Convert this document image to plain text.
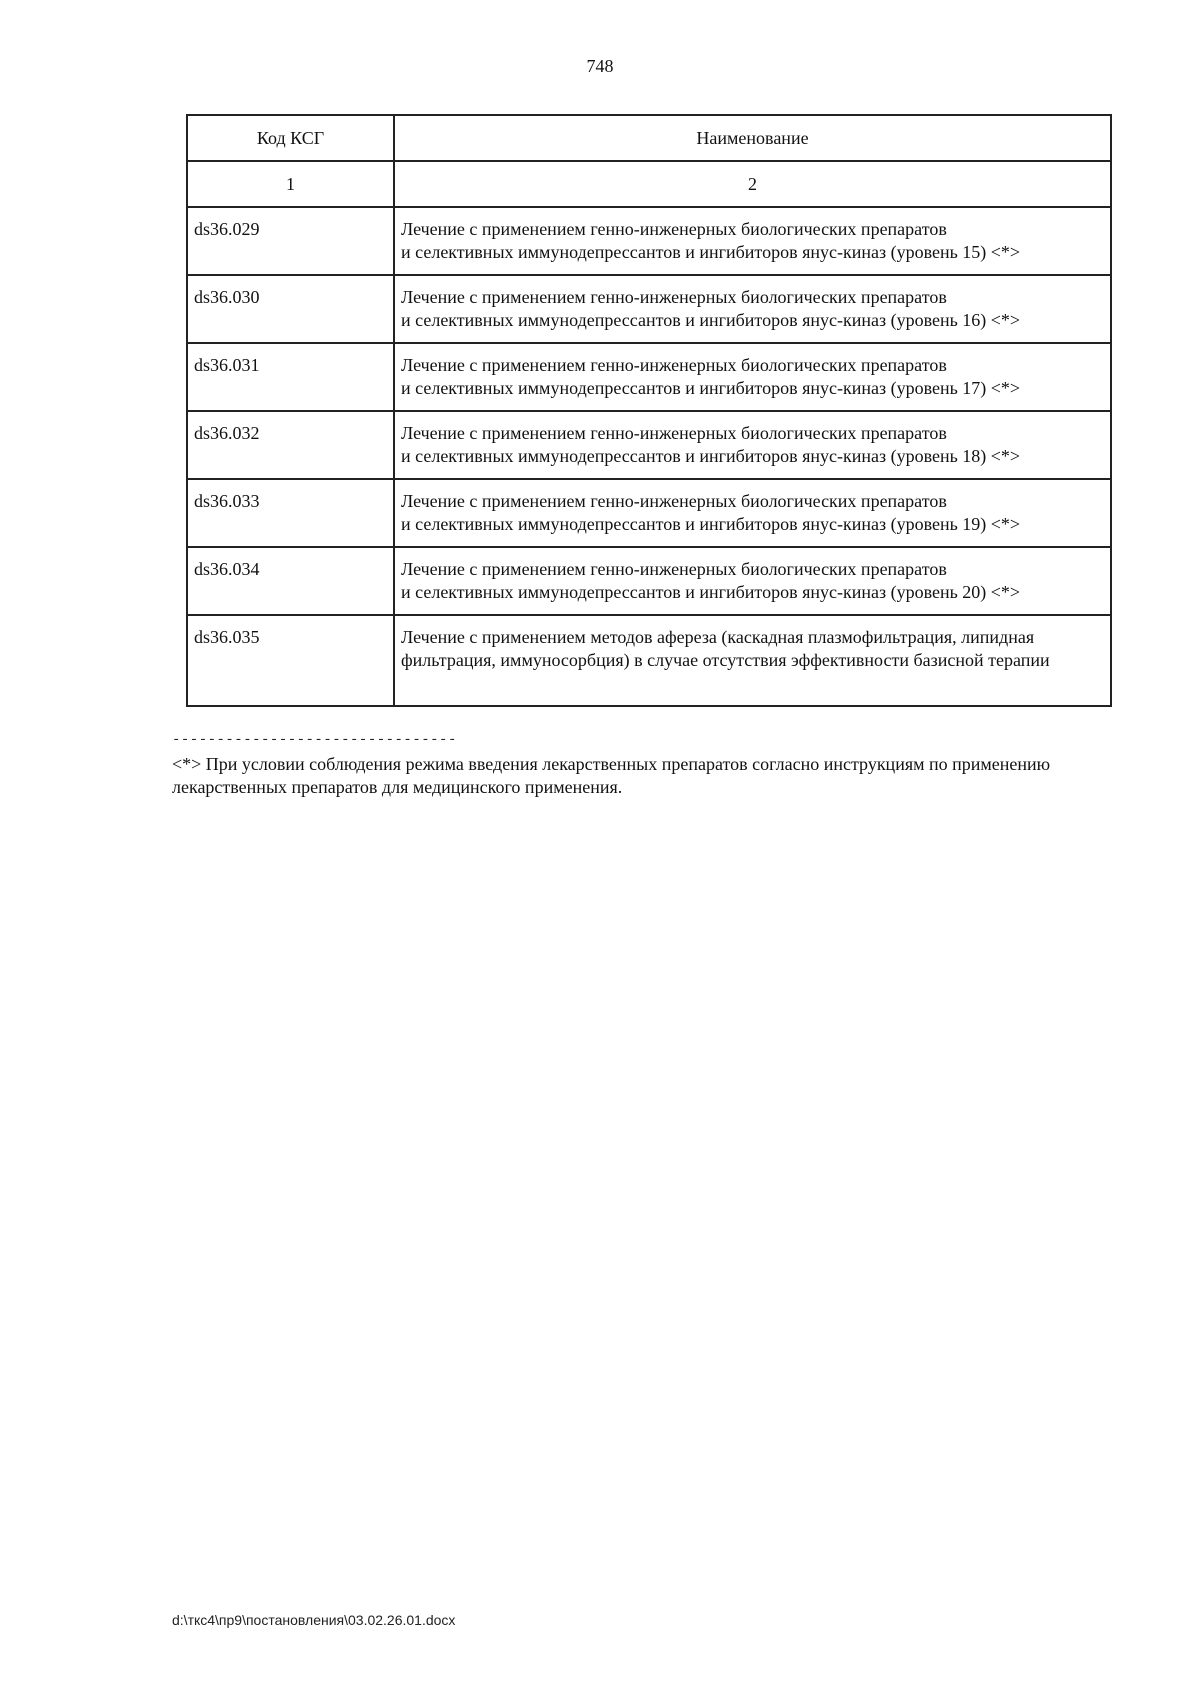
748
Код КСГ	Наименование
1	2
ds36.029	Лечение с применением генно-инженерных биологических препаратов
и селективных иммунодепрессантов и ингибиторов янус-киназ (уровень 15) <*>

ds36.030	Лечение с применением генно-инженерных биологических препаратов
и селективных иммунодепрессантов и ингибиторов янус-киназ (уровень 16) <*>

ds36.031	Лечение с применением генно-инженерных биологических препаратов
и селективных иммунодепрессантов и ингибиторов янус-киназ (уровень 17) <*>

ds36.032	Лечение с применением генно-инженерных биологических препаратов
и селективных иммунодепрессантов и ингибиторов янус-киназ (уровень 18) <*>

ds36.033	Лечение с применением генно-инженерных биологических препаратов
и селективных иммунодепрессантов и ингибиторов янус-киназ (уровень 19) <*>

ds36.034	Лечение с применением генно-инженерных биологических препаратов
и селективных иммунодепрессантов и ингибиторов янус-киназ (уровень 20) <*>

ds36.035	Лечение с применением методов афереза (каскадная плазмофильтрация, липидная фильтрация, иммуносорбция) в случае отсутствия эффективности базисной терапии
--------------------------------
<*> При условии соблюдения режима введения лекарственных препаратов согласно инструкциям по применению лекарственных препаратов для медицинского применения.
d:\ткс4\пр9\постановления\03.02.26.01.docx
